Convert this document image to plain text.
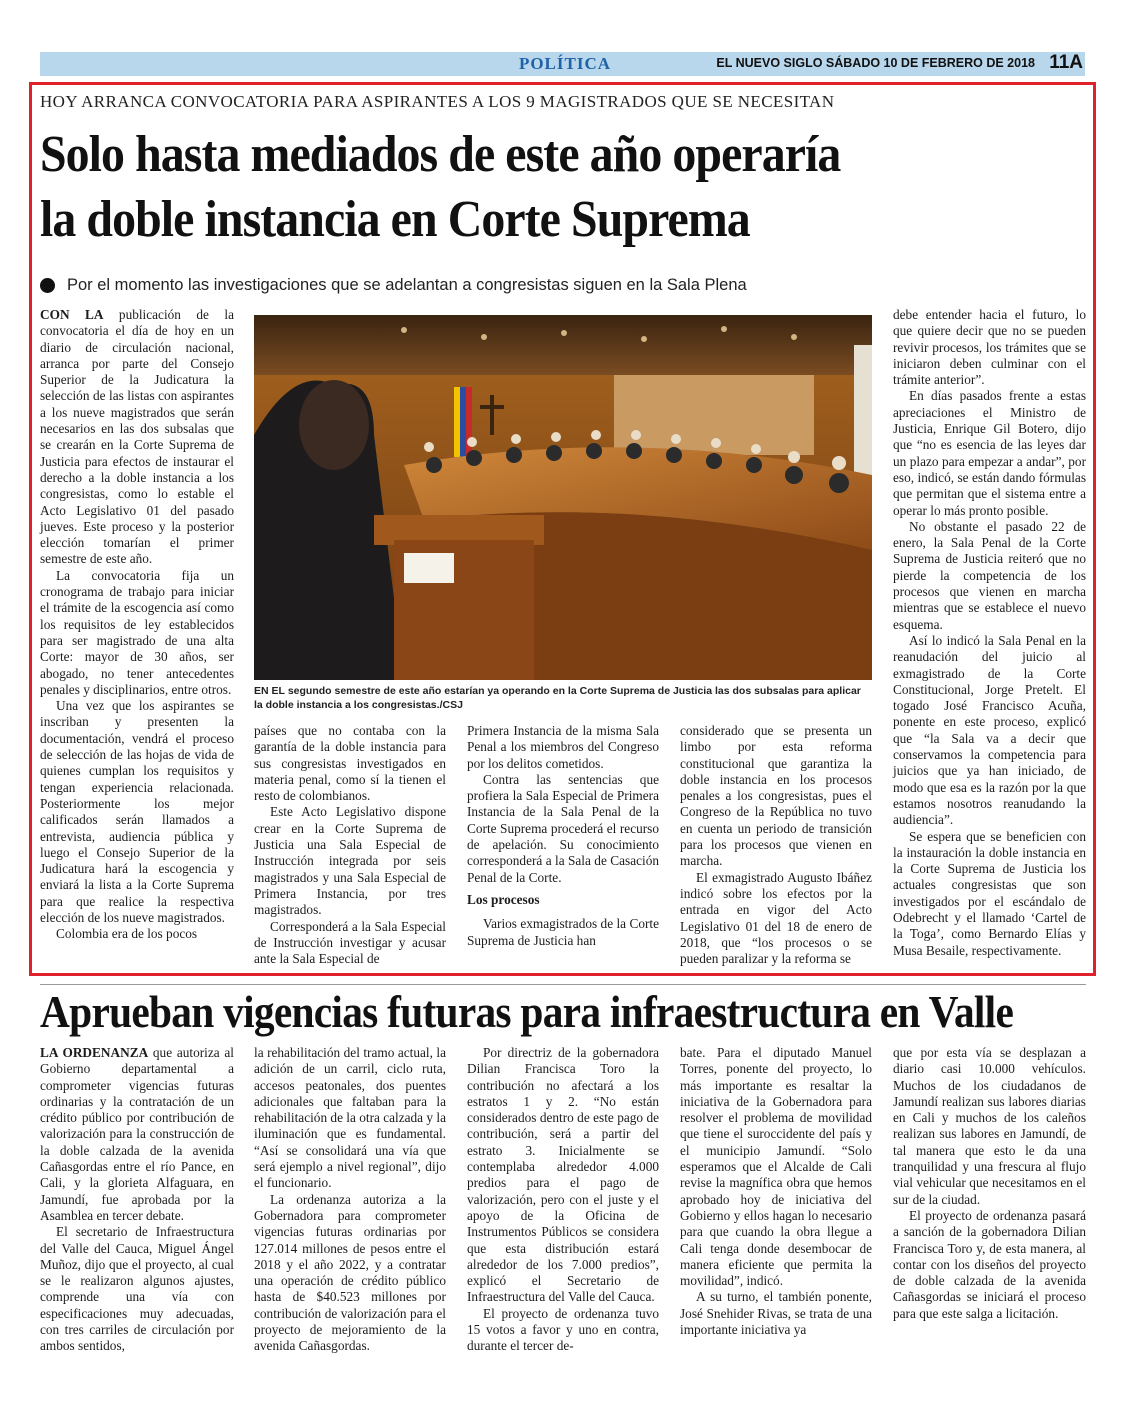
POLÍTICA	EL NUEVO SIGLO SÁBADO 10 DE FEBRERO DE 2018 11A
HOY ARRANCA CONVOCATORIA PARA ASPIRANTES A LOS 9 MAGISTRADOS QUE SE NECESITAN
Solo hasta mediados de este año operaría
la doble instancia en Corte Suprema
Por el momento las investigaciones que se adelantan a congresistas siguen en la Sala Plena

CON LA publicación de la convocatoria el día de hoy en un diario de circulación nacional, arranca por parte del Consejo Superior de la Judicatura la selección de las listas con aspirantes a los nueve magistrados que serán necesarios en las dos subsalas que se crearán en la Corte Suprema de Justicia para efectos de instaurar el derecho a la doble instancia a los congresistas, como lo estable el Acto Legislativo 01 del pasado jueves. Este proceso y la posterior elección tomarían el primer semestre de este año.

La convocatoria fija un cronograma de trabajo para iniciar el trámite de la escogencia así como los requisitos de ley establecidos para ser magistrado de una alta Corte: mayor de 30 años, ser abogado, no tener antecedentes penales y disciplinarios, entre otros.

Una vez que los aspirantes se inscriban y presenten la documentación, vendrá el proceso de selección de las hojas de vida de quienes cumplan los requisitos y tengan experiencia relacionada. Posteriormente los mejor calificados serán llamados a entrevista, audiencia pública y luego el Consejo Superior de la Judicatura hará la escogencia y enviará la lista a la Corte Suprema para que realice la respectiva elección de los nueve magistrados.

Colombia era de los pocos

EN EL segundo semestre de este año estarían ya operando en la Corte Suprema de Justicia las dos subsalas para aplicar la doble instancia a los congresistas./CSJ

países que no contaba con la garantía de la doble instancia para sus congresistas investigados en materia penal, como sí la tienen el resto de colombianos.

Este Acto Legislativo dispone crear en la Corte Suprema de Justicia una Sala Especial de Instrucción integrada por seis magistrados y una Sala Especial de Primera Instancia, por tres magistrados.

Corresponderá a la Sala Especial de Instrucción investigar y acusar ante la Sala Especial de

Primera Instancia de la misma Sala Penal a los miembros del Congreso por los delitos cometidos.

Contra las sentencias que profiera la Sala Especial de Primera Instancia de la Sala Penal de la Corte Suprema procederá el recurso de apelación. Su conocimiento corresponderá a la Sala de Casación Penal de la Corte.

Los procesos

Varios exmagistrados de la Corte Suprema de Justicia han

considerado que se presenta un limbo por esta reforma constitucional que garantiza la doble instancia en los procesos penales a los congresistas, pues el Congreso de la República no tuvo en cuenta un periodo de transición para los procesos que vienen en marcha.

El exmagistrado Augusto Ibáñez indicó sobre los efectos por la entrada en vigor del Acto Legislativo 01 del 18 de enero de 2018, que “los procesos o se pueden paralizar y la reforma se

debe entender hacia el futuro, lo que quiere decir que no se pueden revivir procesos, los trámites que se iniciaron deben culminar con el trámite anterior”.

En días pasados frente a estas apreciaciones el Ministro de Justicia, Enrique Gil Botero, dijo que “no es esencia de las leyes dar un plazo para empezar a andar”, por eso, indicó, se están dando fórmulas que permitan que el sistema entre a operar lo más pronto posible.

No obstante el pasado 22 de enero, la Sala Penal de la Corte Suprema de Justicia reiteró que no pierde la competencia de los procesos que vienen en marcha mientras que se establece el nuevo esquema.

Así lo indicó la Sala Penal en la reanudación del juicio al exmagistrado de la Corte Constitucional, Jorge Pretelt. El togado José Francisco Acuña, ponente en este proceso, explicó que “la Sala va a decir que conservamos la competencia para juicios que ya han iniciado, de modo que esa es la razón por la que estamos nosotros reanudando la audiencia”.

Se espera que se beneficien con la instauración la doble instancia en la Corte Suprema de Justicia los actuales congresistas que son investigados por el escándalo de Odebrecht y el llamado ‘Cartel de la Toga’, como Bernardo Elías y Musa Besaile, respectivamente.

Aprueban vigencias futuras para infraestructura en Valle

LA ORDENANZA que autoriza al Gobierno departamental a comprometer vigencias futuras ordinarias y la contratación de un crédito público por contribución de valorización para la construcción de la doble calzada de la avenida Cañasgordas entre el río Pance, en Cali, y la glorieta Alfaguara, en Jamundí, fue aprobada por la Asamblea en tercer debate.

El secretario de Infraestructura del Valle del Cauca, Miguel Ángel Muñoz, dijo que el proyecto, al cual se le realizaron algunos ajustes, comprende una vía con especificaciones muy adecuadas, con tres carriles de circulación por ambos sentidos,

la rehabilitación del tramo actual, la adición de un carril, ciclo ruta, accesos peatonales, dos puentes adicionales que faltaban para la rehabilitación de la otra calzada y la iluminación que es fundamental. “Así se consolidará una vía que será ejemplo a nivel regional”, dijo el funcionario.

La ordenanza autoriza a la Gobernadora para comprometer vigencias futuras ordinarias por 127.014 millones de pesos entre el 2018 y el año 2022, y a contratar una operación de crédito público hasta de $40.523 millones por contribución de valorización para el proyecto de mejoramiento de la avenida Cañasgordas.

Por directriz de la gobernadora Dilian Francisca Toro la contribución no afectará a los estratos 1 y 2. “No están considerados dentro de este pago de contribución, será a partir del estrato 3. Inicialmente se contemplaba alrededor 4.000 predios para el pago de valorización, pero con el juste y el apoyo de la Oficina de Instrumentos Públicos se considera que esta distribución estará alrededor de los 7.000 predios”, explicó el Secretario de Infraestructura del Valle del Cauca.

El proyecto de ordenanza tuvo 15 votos a favor y uno en contra, durante el tercer de-

bate. Para el diputado Manuel Torres, ponente del proyecto, lo más importante es resaltar la iniciativa de la Gobernadora para resolver el problema de movilidad que tiene el suroccidente del país y el municipio Jamundí. “Solo esperamos que el Alcalde de Cali revise la magnífica obra que hemos aprobado hoy de iniciativa del Gobierno y ellos hagan lo necesario para que cuando la obra llegue a Cali tenga donde desembocar de manera eficiente que permita la movilidad”, indicó.

A su turno, el también ponente, José Snehider Rivas, se trata de una importante iniciativa ya

que por esta vía se desplazan a diario casi 10.000 vehículos. Muchos de los ciudadanos de Jamundí realizan sus labores diarias en Cali y muchos de los caleños realizan sus labores en Jamundí, de tal manera que esto le da una tranquilidad y una frescura al flujo vial vehicular que necesitamos en el sur de la ciudad.

El proyecto de ordenanza pasará a sanción de la gobernadora Dilian Francisca Toro y, de esta manera, al contar con los diseños del proyecto de doble calzada de la avenida Cañasgordas se iniciará el proceso para que este salga a licitación.
